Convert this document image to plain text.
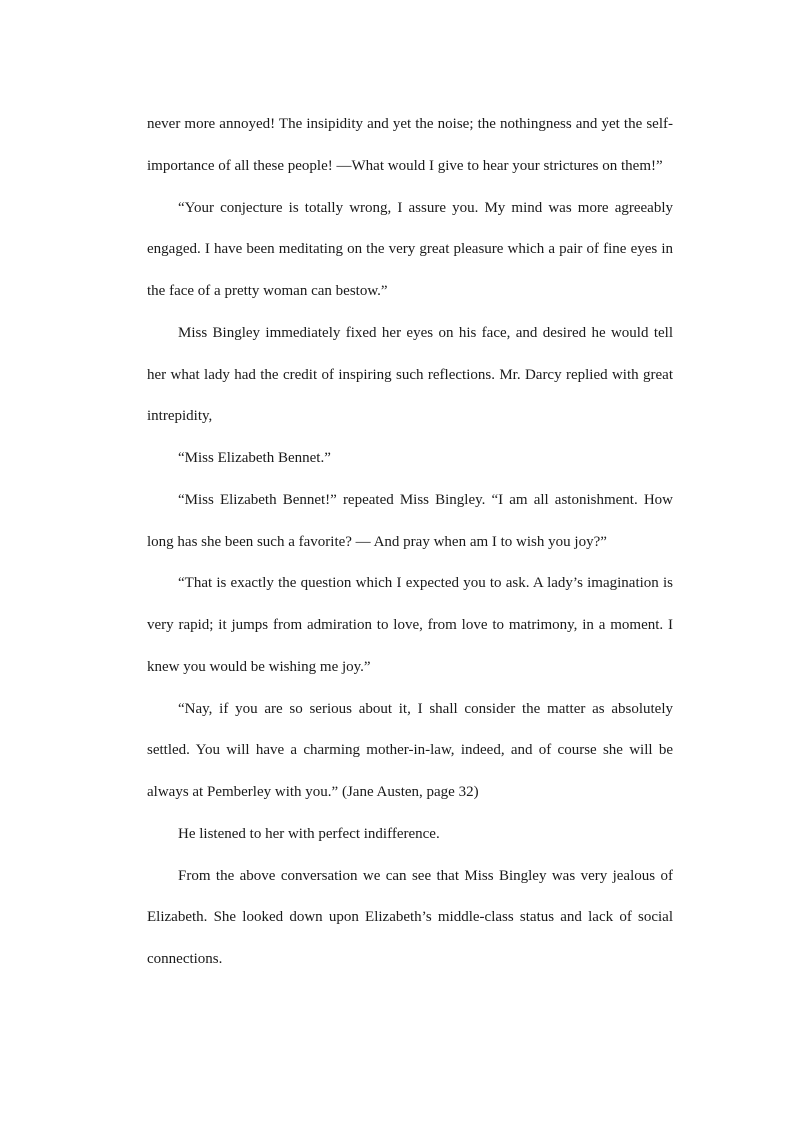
never more annoyed! The insipidity and yet the noise; the nothingness and yet the self-importance of all these people! —What would I give to hear your strictures on them!”

“Your conjecture is totally wrong, I assure you. My mind was more agreeably engaged. I have been meditating on the very great pleasure which a pair of fine eyes in the face of a pretty woman can bestow.”

Miss Bingley immediately fixed her eyes on his face, and desired he would tell her what lady had the credit of inspiring such reflections. Mr. Darcy replied with great intrepidity,

“Miss Elizabeth Bennet.”

“Miss Elizabeth Bennet!” repeated Miss Bingley. “I am all astonishment. How long has she been such a favorite? — And pray when am I to wish you joy?”

“That is exactly the question which I expected you to ask. A lady’s imagination is very rapid; it jumps from admiration to love, from love to matrimony, in a moment. I knew you would be wishing me joy.”

“Nay, if you are so serious about it, I shall consider the matter as absolutely settled. You will have a charming mother-in-law, indeed, and of course she will be always at Pemberley with you.” (Jane Austen, page 32)

He listened to her with perfect indifference.

From the above conversation we can see that Miss Bingley was very jealous of Elizabeth. She looked down upon Elizabeth’s middle-class status and lack of social connections.
